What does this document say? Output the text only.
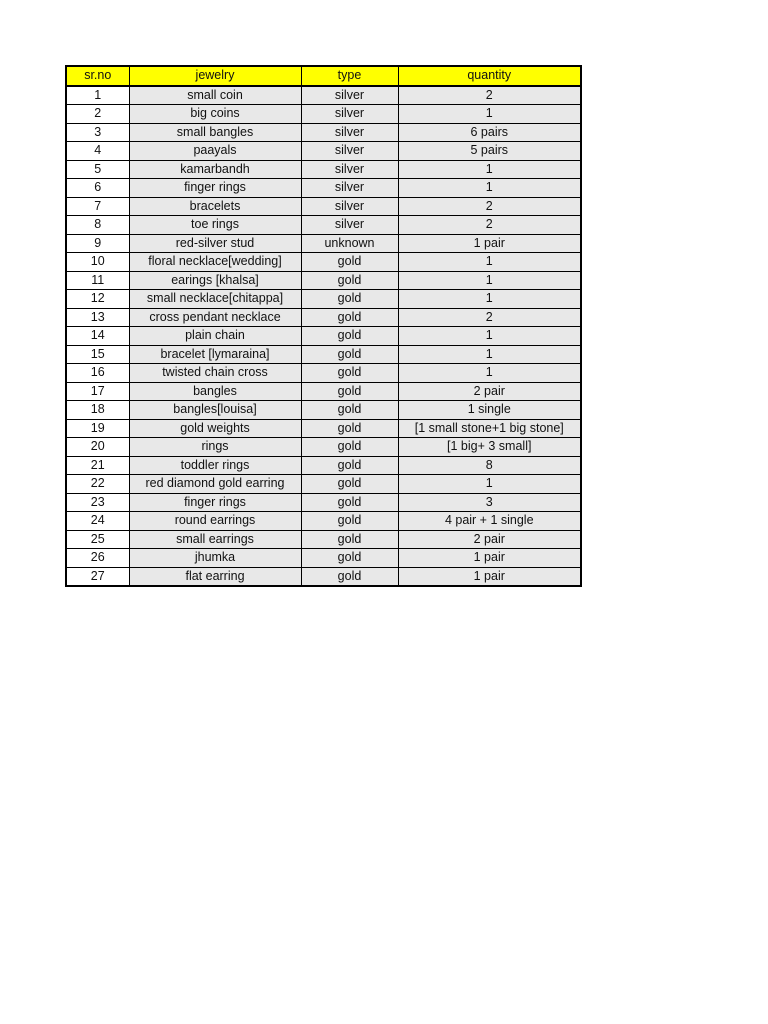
sr.no	jewelry	type	quantity
1	small coin	silver	2
2	big coins	silver	1
3	small bangles	silver	6 pairs
4	paayals	silver	5 pairs
5	kamarbandh	silver	1
6	finger rings	silver	1
7	bracelets	silver	2
8	toe rings	silver	2
9	red-silver stud	unknown	1 pair
10	floral necklace[wedding]	gold	1
11	earings [khalsa]	gold	1
12	small necklace[chitappa]	gold	1
13	cross pendant necklace	gold	2
14	plain chain	gold	1
15	bracelet [lymaraina]	gold	1
16	twisted chain cross	gold	1
17	bangles	gold	2 pair
18	bangles[louisa]	gold	1 single
19	gold weights	gold	[1 small stone+1 big stone]
20	rings	gold	[1 big+ 3 small]
21	toddler rings	gold	8
22	red diamond gold earring	gold	1
23	finger rings	gold	3
24	round earrings	gold	4 pair + 1 single
25	small earrings	gold	2 pair
26	jhumka	gold	1 pair
27	flat earring	gold	1 pair
